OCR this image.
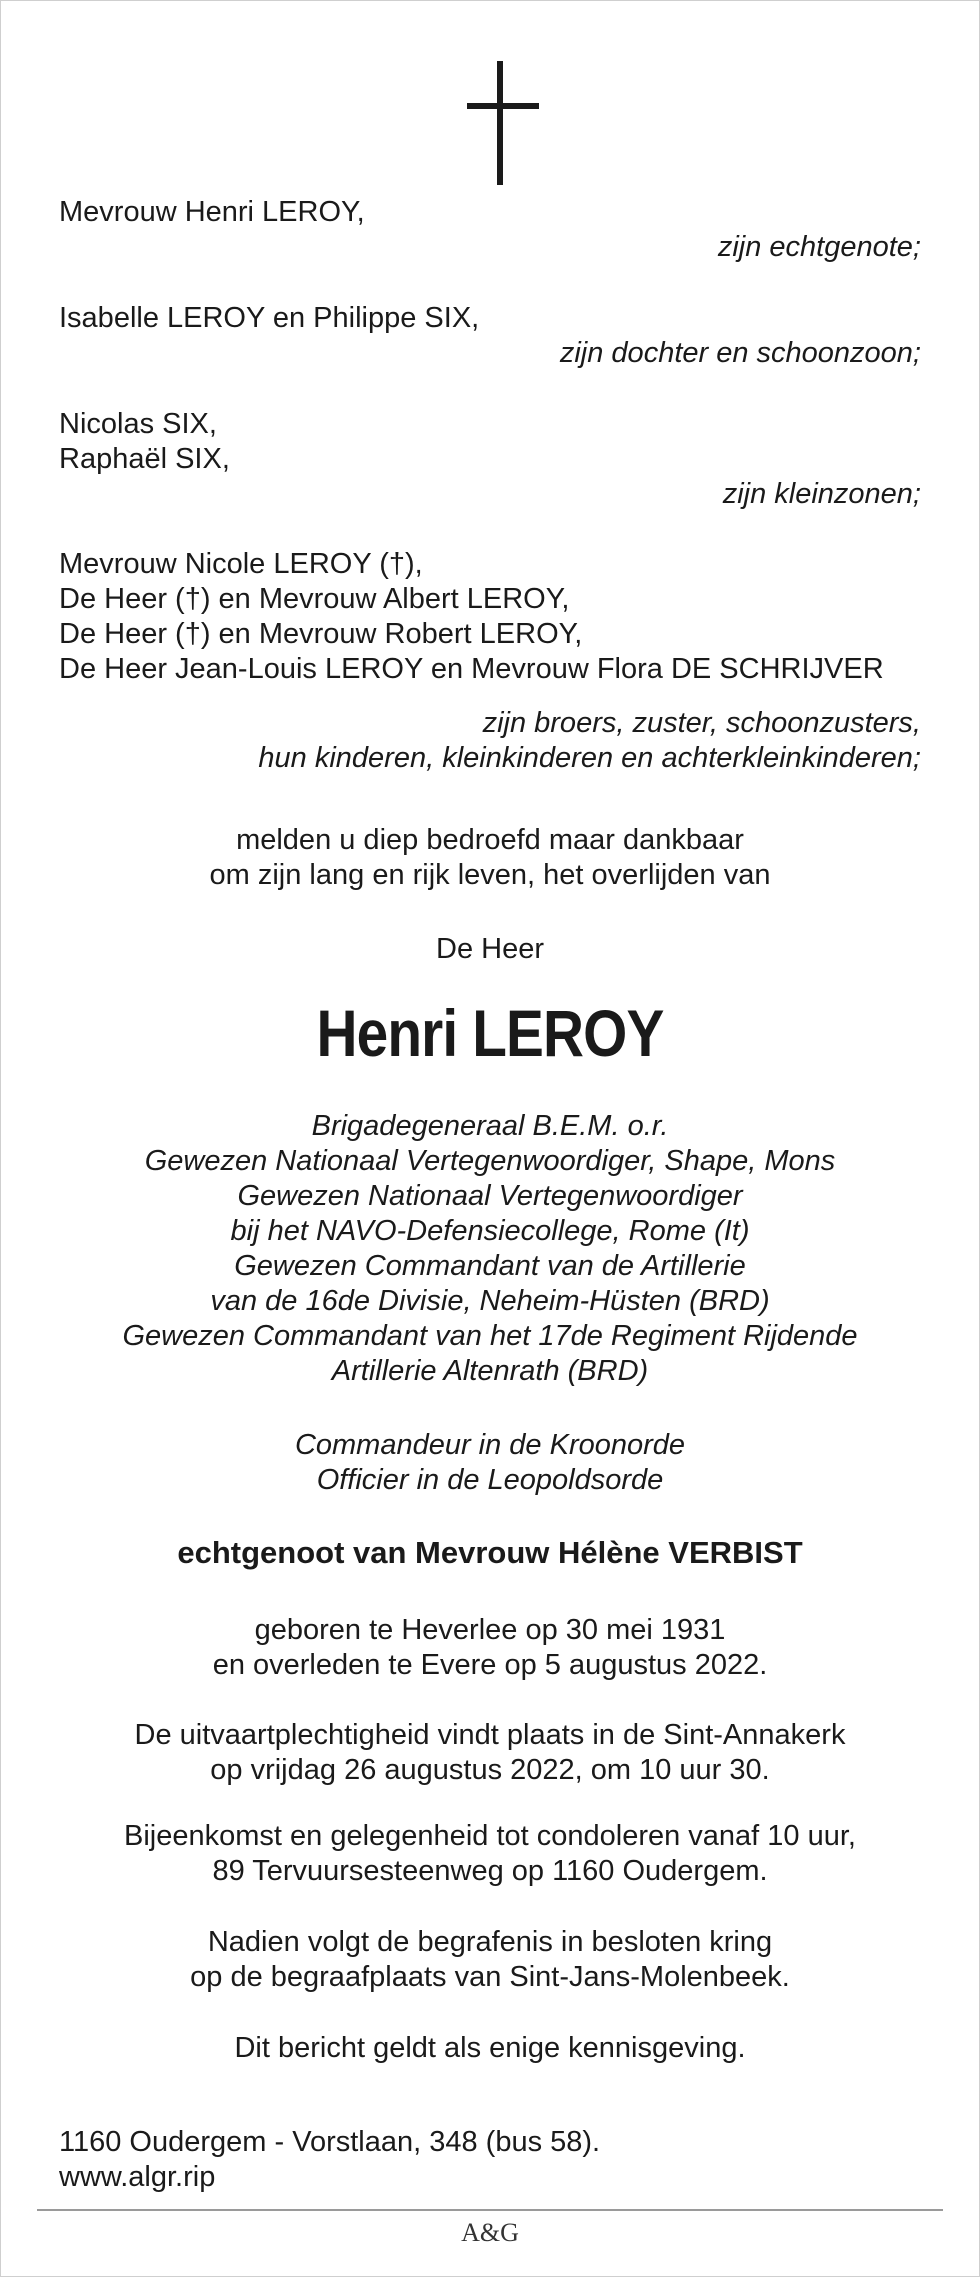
Mevrouw Henri LEROY,

zijn echtgenote;

Isabelle LEROY en Philippe SIX,

zijn dochter en schoonzoon;

Nicolas SIX,
Raphaël SIX,

zijn kleinzonen;

Mevrouw Nicole LEROY (†),
De Heer (†) en Mevrouw Albert LEROY,
De Heer (†) en Mevrouw Robert LEROY,
De Heer Jean-Louis LEROY en Mevrouw Flora DE SCHRIJVER

zijn broers, zuster, schoonzusters,
hun kinderen, kleinkinderen en achterkleinkinderen;

melden u diep bedroefd maar dankbaar
om zijn lang en rijk leven, het overlijden van

De Heer

Henri LEROY

Brigadegeneraal B.E.M. o.r.
Gewezen Nationaal Vertegenwoordiger, Shape, Mons
Gewezen Nationaal Vertegenwoordiger
bij het NAVO-Defensiecollege, Rome (It)
Gewezen Commandant van de Artillerie
van de 16de Divisie, Neheim-Hüsten (BRD)
Gewezen Commandant van het 17de Regiment Rijdende
Artillerie Altenrath (BRD)

Commandeur in de Kroonorde
Officier in de Leopoldsorde

echtgenoot van Mevrouw Hélène VERBIST

geboren te Heverlee op 30 mei 1931
en overleden te Evere op 5 augustus 2022.

De uitvaartplechtigheid vindt plaats in de Sint-Annakerk
op vrijdag 26 augustus 2022, om 10 uur 30.

Bijeenkomst en gelegenheid tot condoleren vanaf 10 uur,
89 Tervuursesteenweg op 1160 Oudergem.

Nadien volgt de begrafenis in besloten kring
op de begraafplaats van Sint-Jans-Molenbeek.

Dit bericht geldt als enige kennisgeving.

1160 Oudergem - Vorstlaan, 348 (bus 58).
www.algr.rip

A&G
